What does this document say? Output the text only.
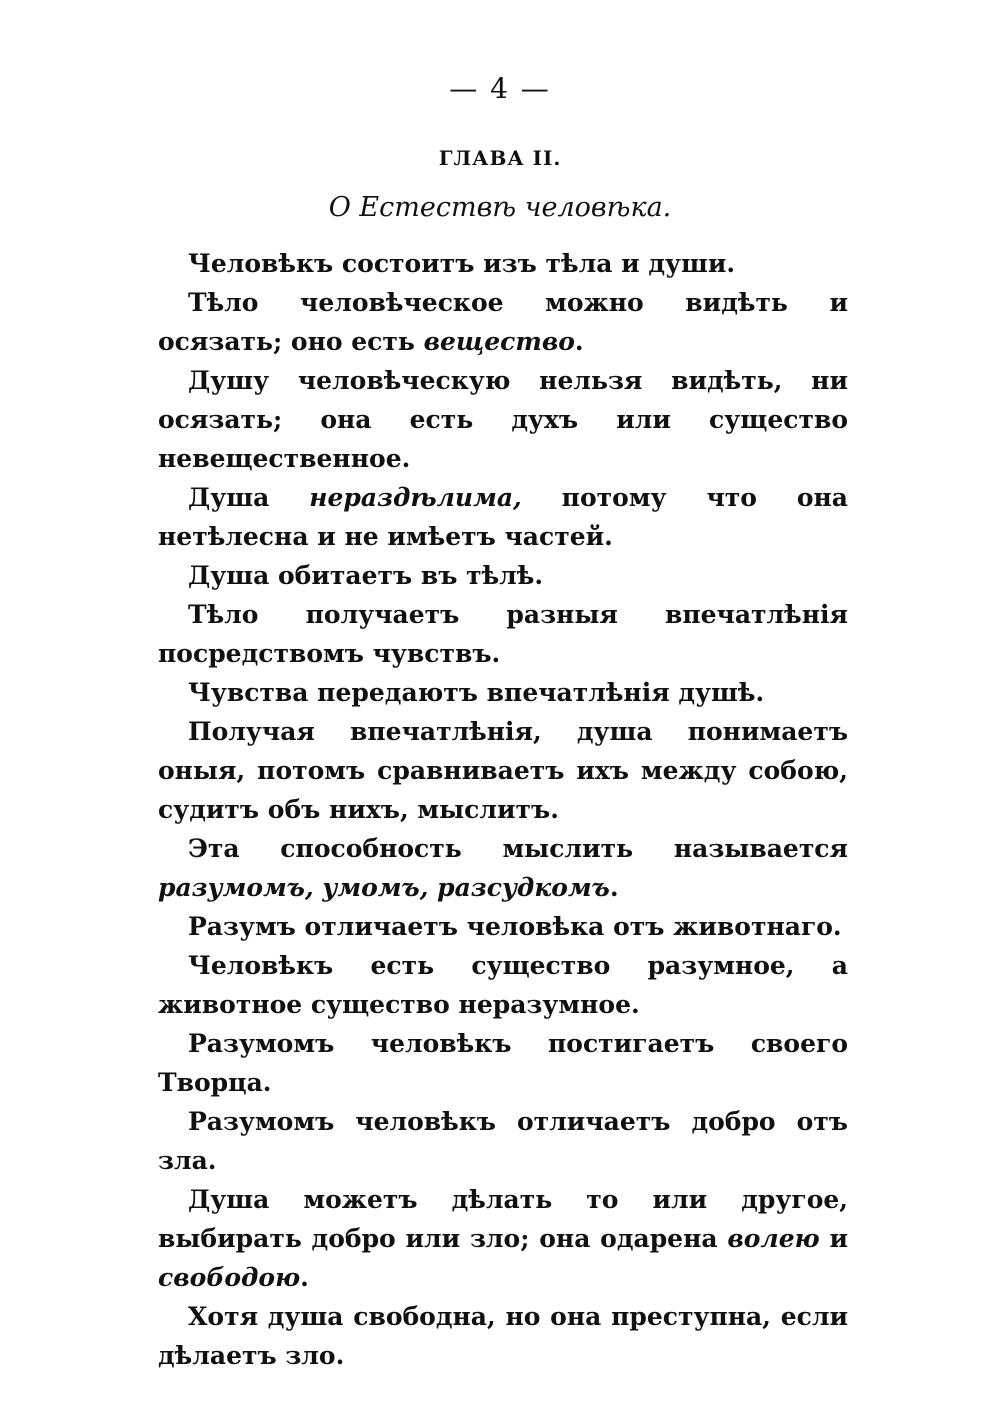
— 4 —
ГЛАВА II.
О Естествѣ человѣка.

Человѣкъ состоитъ изъ тѣла и души.

Тѣло человѣческое можно видѣть и осязать; оно есть вещество.

Душу человѣческую нельзя видѣть, ни осязать; она есть духъ или существо невещественное.

Душа нераздѣлима, потому что она нетѣлесна и не имѣетъ частей.

Душа обитаетъ въ тѣлѣ.

Тѣло получаетъ разныя впечатлѣнія посредствомъ чувствъ.

Чувства передаютъ впечатлѣнія душѣ.

Получая впечатлѣнія, душа понимаетъ оныя, потомъ сравниваетъ ихъ между собою, судитъ объ нихъ, мыслитъ.

Эта способность мыслить называется разумомъ, умомъ, разсудкомъ.

Разумъ отличаетъ человѣка отъ животнаго.

Человѣкъ есть существо разумное, а животное существо неразумное.

Разумомъ человѣкъ постигаетъ своего Творца.

Разумомъ человѣкъ отличаетъ добро отъ зла.

Душа можетъ дѣлать то или другое, выбирать добро или зло; она одарена волею и свободою.

Хотя душа свободна, но она преступна, если дѣлаетъ зло.
